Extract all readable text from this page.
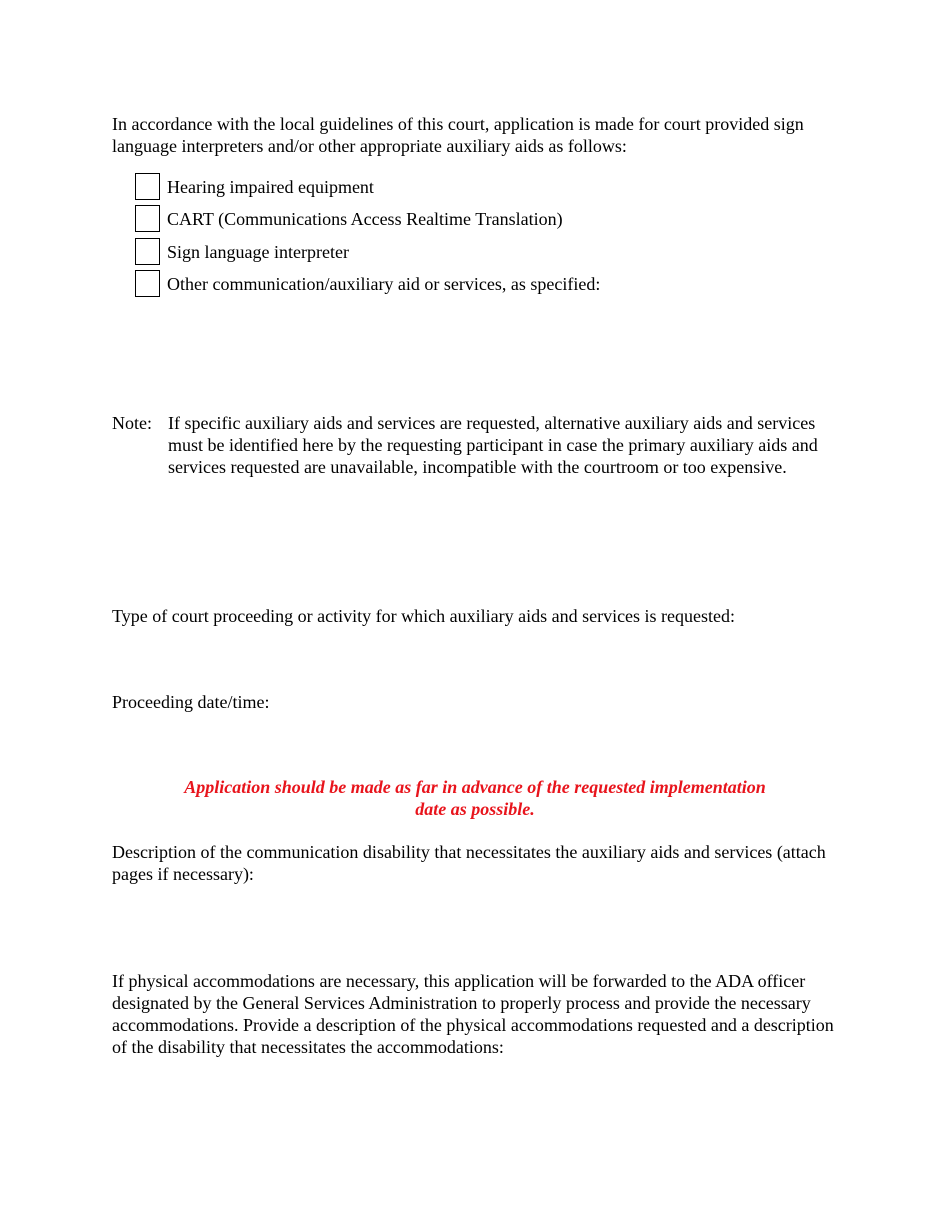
In accordance with the local guidelines of this court, application is made for court provided sign language interpreters and/or other appropriate auxiliary aids as follows:
Hearing impaired equipment
CART (Communications Access Realtime Translation)
Sign language interpreter
Other communication/auxiliary aid or services, as specified:
Note: If specific auxiliary aids and services are requested, alternative auxiliary aids and services must be identified here by the requesting participant in case the primary auxiliary aids and services requested are unavailable, incompatible with the courtroom or too expensive.
Type of court proceeding or activity for which auxiliary aids and services is requested:
Proceeding date/time:
Application should be made as far in advance of the requested implementation
date as possible.
Description of the communication disability that necessitates the auxiliary aids and services (attach pages if necessary):
If physical accommodations are necessary, this application will be forwarded to the ADA officer designated by the General Services Administration to properly process and provide the necessary accommodations. Provide a description of the physical accommodations requested and a description of the disability that necessitates the accommodations:
